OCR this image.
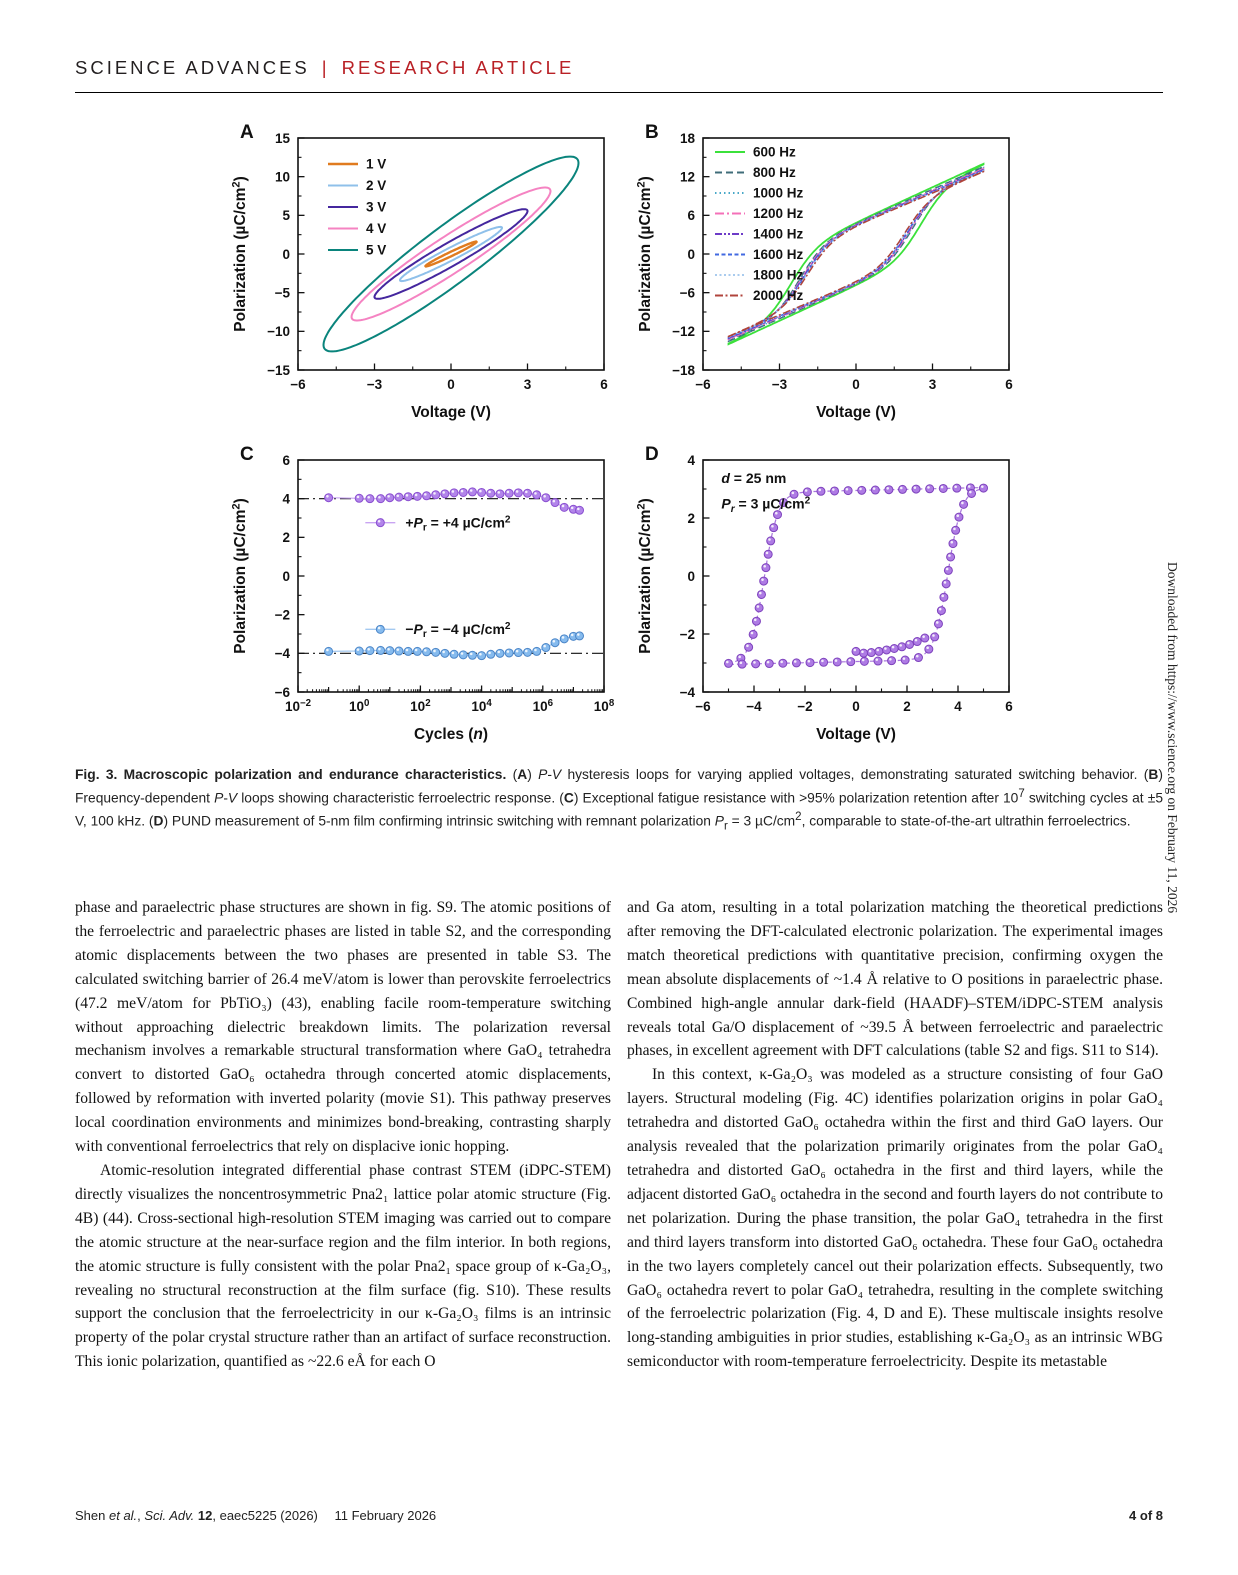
SCIENCE ADVANCES | RESEARCH ARTICLE
A
−6	−3	0	3	6
−15
−10
−5
0
5
10
15
Voltage (V)
Polarization $(\mu C/cm^2)$
1 V
2 V
3 V
4 V
5 V
B
−6	−3	0	3	6
−18
−12
−6
0
6
12
18
Voltage (V)
Polarization $(\mu C/cm^2)$
600 Hz
800 Hz
1000 Hz
1200 Hz
1400 Hz
1600 Hz
1800 Hz
2000 Hz
C
$10^{-2}$	$10^0$	$10^2$	$10^4$	$10^6$	$10^8$
−6
−4
−2
0
2
4
6
Cycles (n)
Polarization $(\mu C/cm^2)$
$+P_r = +4$ $\mu C/cm^2$
$-P_r = -4$ $\mu C/cm^2$
D
−6	−4	−2	0	2	4	6
−4
−2
0
2
4
Voltage (V)
Polarization $(\mu C/cm^2)$
d = 25 nm
$P_r = 3$ $\mu C/cm^2$
Fig. 3. Macroscopic polarization and endurance characteristics. (A) P-V hysteresis loops for varying applied voltages, demonstrating saturated switching behavior. (B) Frequency-dependent P-V loops showing characteristic ferroelectric response. (C) Exceptional fatigue resistance with >95% polarization retention after $10^7$ switching cycles at ±5 V, 100 kHz. (D) PUND measurement of 5-nm film confirming intrinsic switching with remnant polarization $P_r = 3$ $\mu C/cm^2$, comparable to state-of-the-art ultrathin ferroelectrics.

phase and paraelectric phase structures are shown in fig. S9. The atomic positions of the ferroelectric and paraelectric phases are listed in table S2, and the corresponding atomic displacements between the two phases are presented in table S3. The calculated switching barrier of 26.4 meV/atom is lower than perovskite ferroelectrics (47.2 meV/atom for PbTiO₃) (43), enabling facile room-temperature switching without approaching dielectric breakdown limits. The polarization reversal mechanism involves a remarkable structural transformation where GaO₄ tetrahedra convert to distorted GaO₆ octahedra through concerted atomic displacements, followed by reformation with inverted polarity (movie S1). This pathway preserves local coordination environments and minimizes bond-breaking, contrasting sharply with conventional ferroelectrics that rely on displacive ionic hopping.

Atomic-resolution integrated differential phase contrast STEM (iDPC-STEM) directly visualizes the noncentrosymmetric Pna2₁ lattice polar atomic structure (Fig. 4B) (44). Cross-sectional high-resolution STEM imaging was carried out to compare the atomic structure at the near-surface region and the film interior. In both regions, the atomic structure is fully consistent with the polar Pna2₁ space group of κ-Ga₂O₃, revealing no structural reconstruction at the film surface (fig. S10). These results support the conclusion that the ferroelectricity in our κ-Ga₂O₃ films is an intrinsic property of the polar crystal structure rather than an artifact of surface reconstruction. This ionic polarization, quantified as ~22.6 eÅ for each O

and Ga atom, resulting in a total polarization matching the theoretical predictions after removing the DFT-calculated electronic polarization. The experimental images match theoretical predictions with quantitative precision, confirming oxygen the mean absolute displacements of ~1.4 Å relative to O positions in paraelectric phase. Combined high-angle annular dark-field (HAADF)–STEM/iDPC-STEM analysis reveals total Ga/O displacement of ~39.5 Å between ferroelectric and paraelectric phases, in excellent agreement with DFT calculations (table S2 and figs. S11 to S14).

In this context, κ-Ga₂O₃ was modeled as a structure consisting of four GaO layers. Structural modeling (Fig. 4C) identifies polarization origins in polar GaO₄ tetrahedra and distorted GaO₆ octahedra within the first and third GaO layers. Our analysis revealed that the polarization primarily originates from the polar GaO₄ tetrahedra and distorted GaO₆ octahedra in the first and third layers, while the adjacent distorted GaO₆ octahedra in the second and fourth layers do not contribute to net polarization. During the phase transition, the polar GaO₄ tetrahedra in the first and third layers transform into distorted GaO₆ octahedra. These four GaO₆ octahedra in the two layers completely cancel out their polarization effects. Subsequently, two GaO₆ octahedra revert to polar GaO₄ tetrahedra, resulting in the complete switching of the ferroelectric polarization (Fig. 4, D and E). These multiscale insights resolve long-standing ambiguities in prior studies, establishing κ-Ga₂O₃ as an intrinsic WBG semiconductor with room-temperature ferroelectricity. Despite its metastable

4 of 8
Shen et al., Sci. Adv. 12, eaec5225 (2026)  11 February 2026
Downloaded from https://www.science.org on February 11, 2026
